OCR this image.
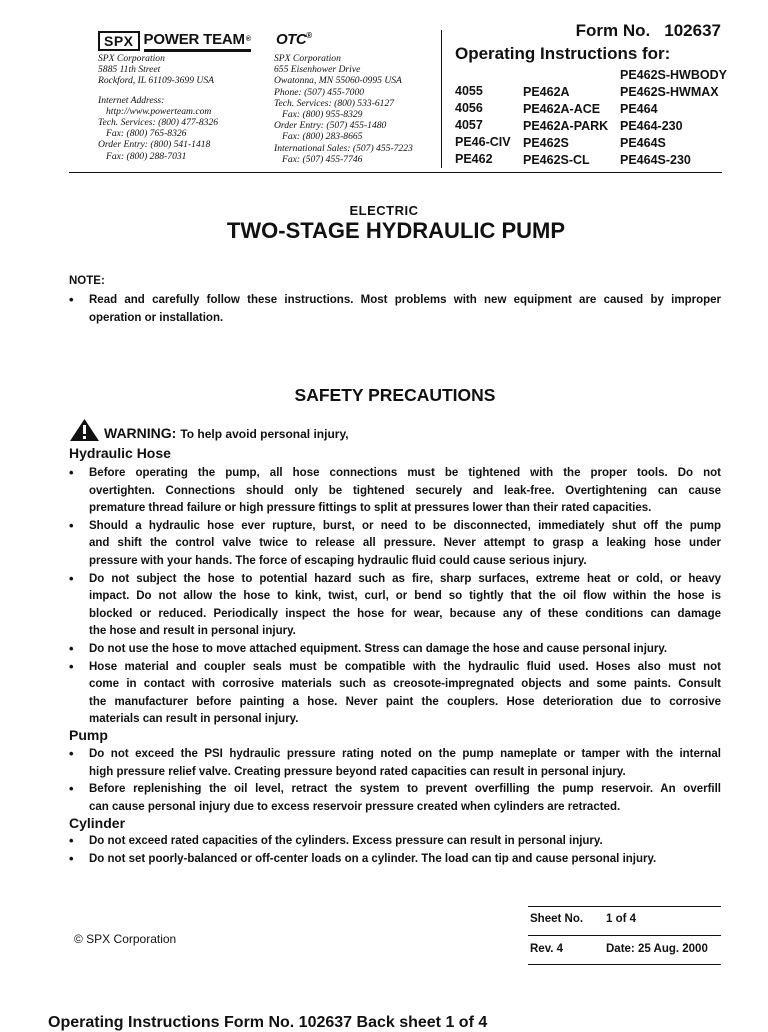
SPX POWER TEAM® OTC®
SPX Corporation
5885 11th Street
Rockford, IL 61109-3699 USA
Internet Address:
http://www.powerteam.com
Tech. Services: (800) 477-8326
Fax: (800) 765-8326
Order Entry: (800) 541-1418
Fax: (800) 288-7031
SPX Corporation
655 Eisenhower Drive
Owatonna, MN 55060-0995 USA
Phone: (507) 455-7000
Tech. Services: (800) 533-6127
Fax: (800) 955-8329
Order Entry: (507) 455-1480
Fax: (800) 283-8665
International Sales: (507) 455-7223
Fax: (507) 455-7746
Form No. 102637
Operating Instructions for:
4055
4056
4057
PE46-CIV
PE462
PE462A
PE462A-ACE
PE462A-PARK
PE462S
PE462S-CL
PE462S-HWBODY
PE462S-HWMAX
PE464
PE464-230
PE464S
PE464S-230
ELECTRIC
TWO-STAGE HYDRAULIC PUMP
NOTE:
• Read and carefully follow these instructions. Most problems with new equipment are caused by improper
operation or installation.
SAFETY PRECAUTIONS
WARNING: To help avoid personal injury,
Hydraulic Hose
• Before operating the pump, all hose connections must be tightened with the proper tools. Do not
overtighten. Connections should only be tightened securely and leak-free. Overtightening can cause
premature thread failure or high pressure fittings to split at pressures lower than their rated capacities.
• Should a hydraulic hose ever rupture, burst, or need to be disconnected, immediately shut off the pump
and shift the control valve twice to release all pressure. Never attempt to grasp a leaking hose under
pressure with your hands. The force of escaping hydraulic fluid could cause serious injury.
• Do not subject the hose to potential hazard such as fire, sharp surfaces, extreme heat or cold, or heavy
impact. Do not allow the hose to kink, twist, curl, or bend so tightly that the oil flow within the hose is
blocked or reduced. Periodically inspect the hose for wear, because any of these conditions can damage
the hose and result in personal injury.
• Do not use the hose to move attached equipment. Stress can damage the hose and cause personal injury.
• Hose material and coupler seals must be compatible with the hydraulic fluid used. Hoses also must not
come in contact with corrosive materials such as creosote-impregnated objects and some paints. Consult
the manufacturer before painting a hose. Never paint the couplers. Hose deterioration due to corrosive
materials can result in personal injury.
Pump
• Do not exceed the PSI hydraulic pressure rating noted on the pump nameplate or tamper with the internal
high pressure relief valve. Creating pressure beyond rated capacities can result in personal injury.
• Before replenishing the oil level, retract the system to prevent overfilling the pump reservoir. An overfill
can cause personal injury due to excess reservoir pressure created when cylinders are retracted.
Cylinder
• Do not exceed rated capacities of the cylinders. Excess pressure can result in personal injury.
• Do not set poorly-balanced or off-center loads on a cylinder. The load can tip and cause personal injury.
© SPX Corporation
Sheet No. 1 of 4
Rev. 4	Date: 25 Aug. 2000
Operating Instructions Form No. 102637 Back sheet 1 of 4
